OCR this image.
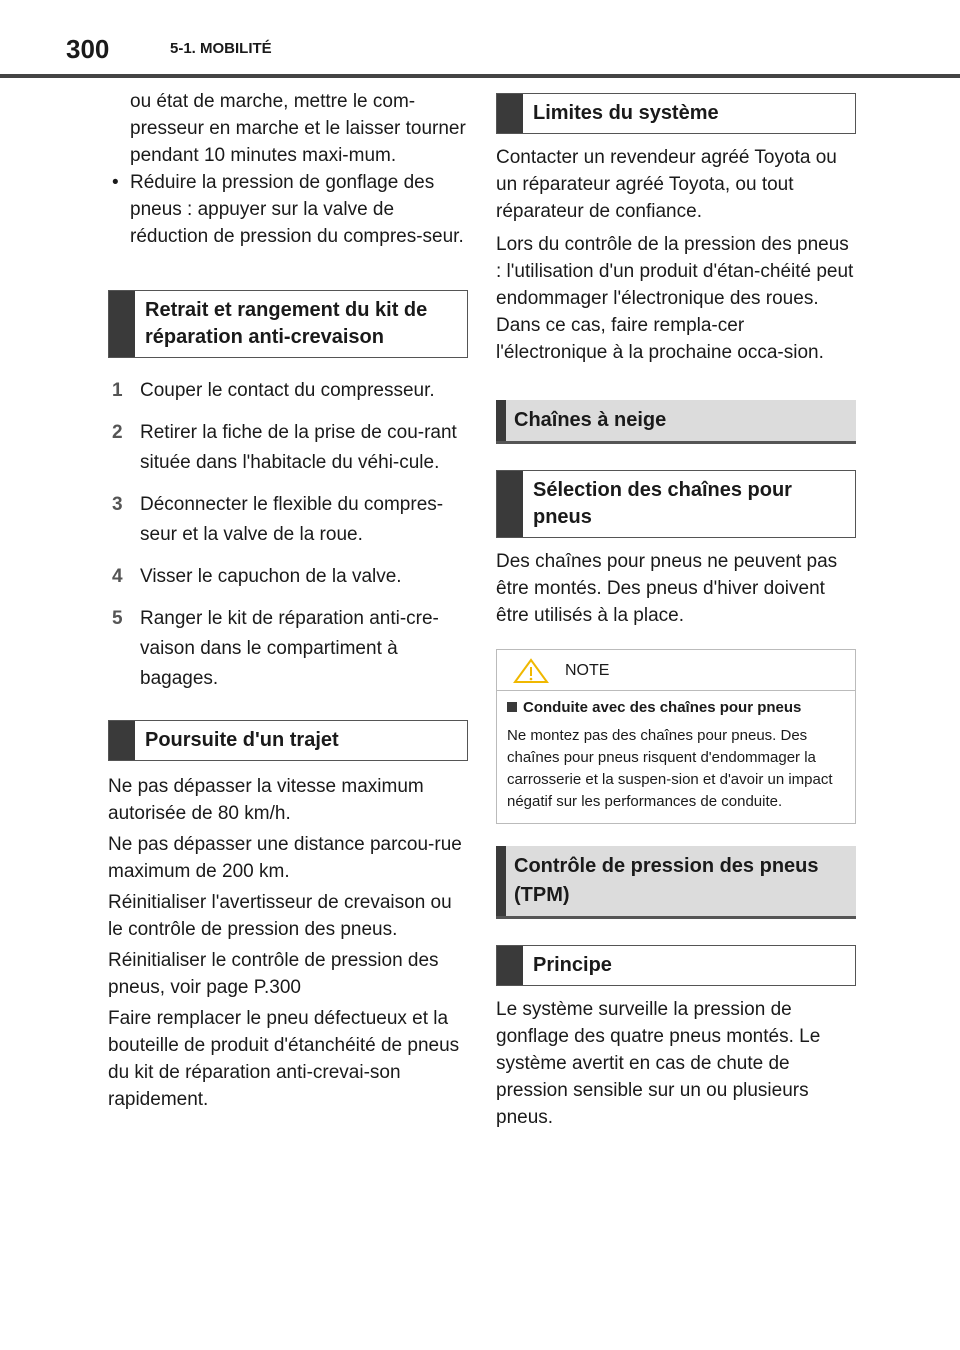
300	5-1. MOBILITÉ

ou état de marche, mettre le com-presseur en marche et le laisser tourner pendant 10 minutes maxi-mum.

• Réduire la pression de gonflage des pneus : appuyer sur la valve de réduction de pression du compres-seur.

Retrait et rangement du kit de réparation anti-crevaison

1 Couper le contact du compresseur.

2 Retirer la fiche de la prise de cou-rant située dans l'habitacle du véhi-cule.

3 Déconnecter le flexible du compres-seur et la valve de la roue.

4 Visser le capuchon de la valve.

5 Ranger le kit de réparation anti-cre-vaison dans le compartiment à bagages.

Poursuite d'un trajet

Ne pas dépasser la vitesse maximum autorisée de 80 km/h.

Ne pas dépasser une distance parcou-rue maximum de 200 km.

Réinitialiser l'avertisseur de crevaison ou le contrôle de pression des pneus.

Réinitialiser le contrôle de pression des pneus, voir page P.300

Faire remplacer le pneu défectueux et la bouteille de produit d'étanchéité de pneus du kit de réparation anti-crevai-son rapidement.

Limites du système

Contacter un revendeur agréé Toyota ou un réparateur agréé Toyota, ou tout réparateur de confiance.

Lors du contrôle de la pression des pneus : l'utilisation d'un produit d'étan-chéité peut endommager l'électronique des roues. Dans ce cas, faire rempla-cer l'électronique à la prochaine occa-sion.

Chaînes à neige
Sélection des chaînes pour pneus

Des chaînes pour pneus ne peuvent pas être montés. Des pneus d'hiver doivent être utilisés à la place.

NOTE
Conduite avec des chaînes pour pneus
Ne montez pas des chaînes pour pneus. Des chaînes pour pneus risquent d'endommager la carrosserie et la suspen-sion et d'avoir un impact négatif sur les performances de conduite.
Contrôle de pression des pneus (TPM)
Principe

Le système surveille la pression de gonflage des quatre pneus montés. Le système avertit en cas de chute de pression sensible sur un ou plusieurs pneus.
